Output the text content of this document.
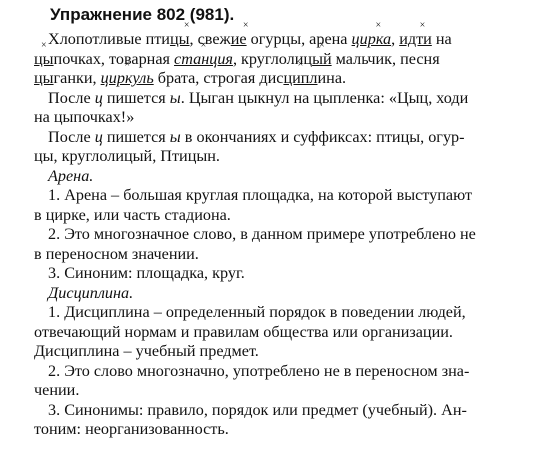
Упражнение 802 (981).
Хлопотливые пти× цы, свеж× ие огурцы, арена × цирка, × идти на
× цыпочках, товарная × станция, круглолиц× ый мальчик, песня
цыганки, × циркуль брата, строгая дис× циплина.
После ц пишется ы. Цыган цыкнул на цыпленка: «Цыц, ходи
на цыпочках!»
После ц пишется ы в окончаниях и суффиксах: птицы, огур-
цы, круглолицый, Птицын.
Арена.
1. Арена – большая круглая площадка, на которой выступают
в цирке, или часть стадиона.
2. Это многозначное слово, в данном примере употреблено не
в переносном значении.
3. Синоним: площадка, круг.
Дисциплина.
1. Дисциплина – определенный порядок в поведении людей,
отвечающий нормам и правилам общества или организации.
Дисциплина – учебный предмет.
2. Это слово многозначно, употреблено не в переносном зна-
чении.
3. Синонимы: правило, порядок или предмет (учебный). Ан-
тоним: неорганизованность.
